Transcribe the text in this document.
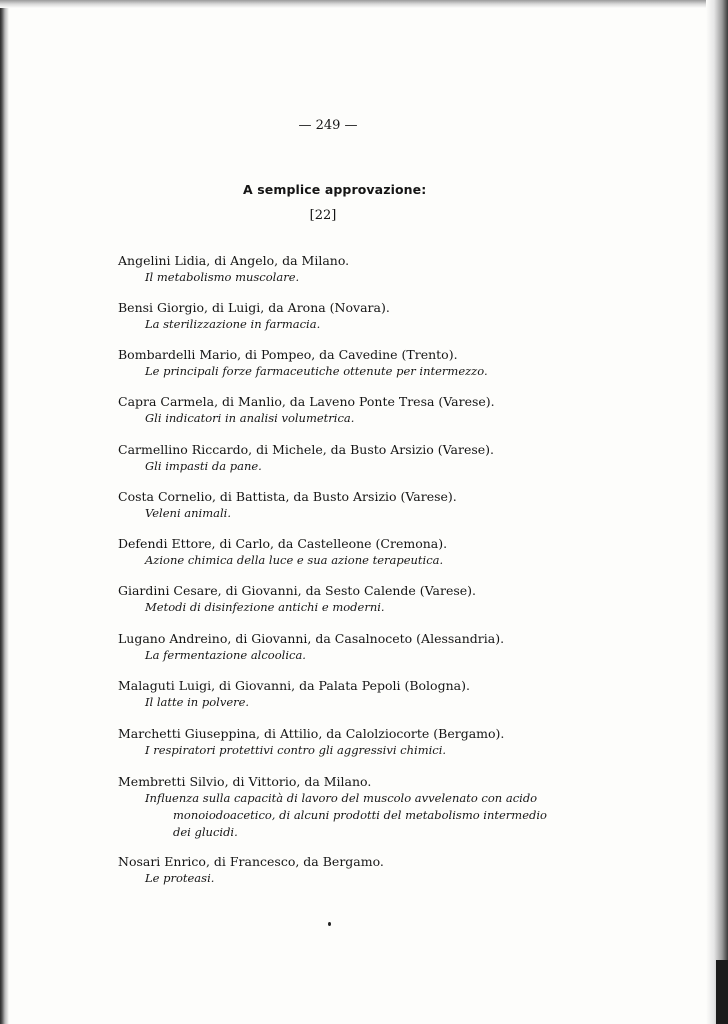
— 249 —
A semplice approvazione:
[22]
Angelini Lidia, di Angelo, da Milano.
Il metabolismo muscolare.
Bensi Giorgio, di Luigi, da Arona (Novara).
La sterilizzazione in farmacia.
Bombardelli Mario, di Pompeo, da Cavedine (Trento).
Le principali forze farmaceutiche ottenute per intermezzo.
Capra Carmela, di Manlio, da Laveno Ponte Tresa (Varese).
Gli indicatori in analisi volumetrica.
Carmellino Riccardo, di Michele, da Busto Arsizio (Varese).
Gli impasti da pane.
Costa Cornelio, di Battista, da Busto Arsizio (Varese).
Veleni animali.
Defendi Ettore, di Carlo, da Castelleone (Cremona).
Azione chimica della luce e sua azione terapeutica.
Giardini Cesare, di Giovanni, da Sesto Calende (Varese).
Metodi di disinfezione antichi e moderni.
Lugano Andreino, di Giovanni, da Casalnoceto (Alessandria).
La fermentazione alcoolica.
Malaguti Luigi, di Giovanni, da Palata Pepoli (Bologna).
Il latte in polvere.
Marchetti Giuseppina, di Attilio, da Calolziocorte (Bergamo).
I respiratori protettivi contro gli aggressivi chimici.
Membretti Silvio, di Vittorio, da Milano.
Influenza sulla capacità di lavoro del muscolo avvelenato con acido monoiodoacetico, di alcuni prodotti del metabolismo intermedio dei glucidi.
Nosari Enrico, di Francesco, da Bergamo.
Le proteasi.
